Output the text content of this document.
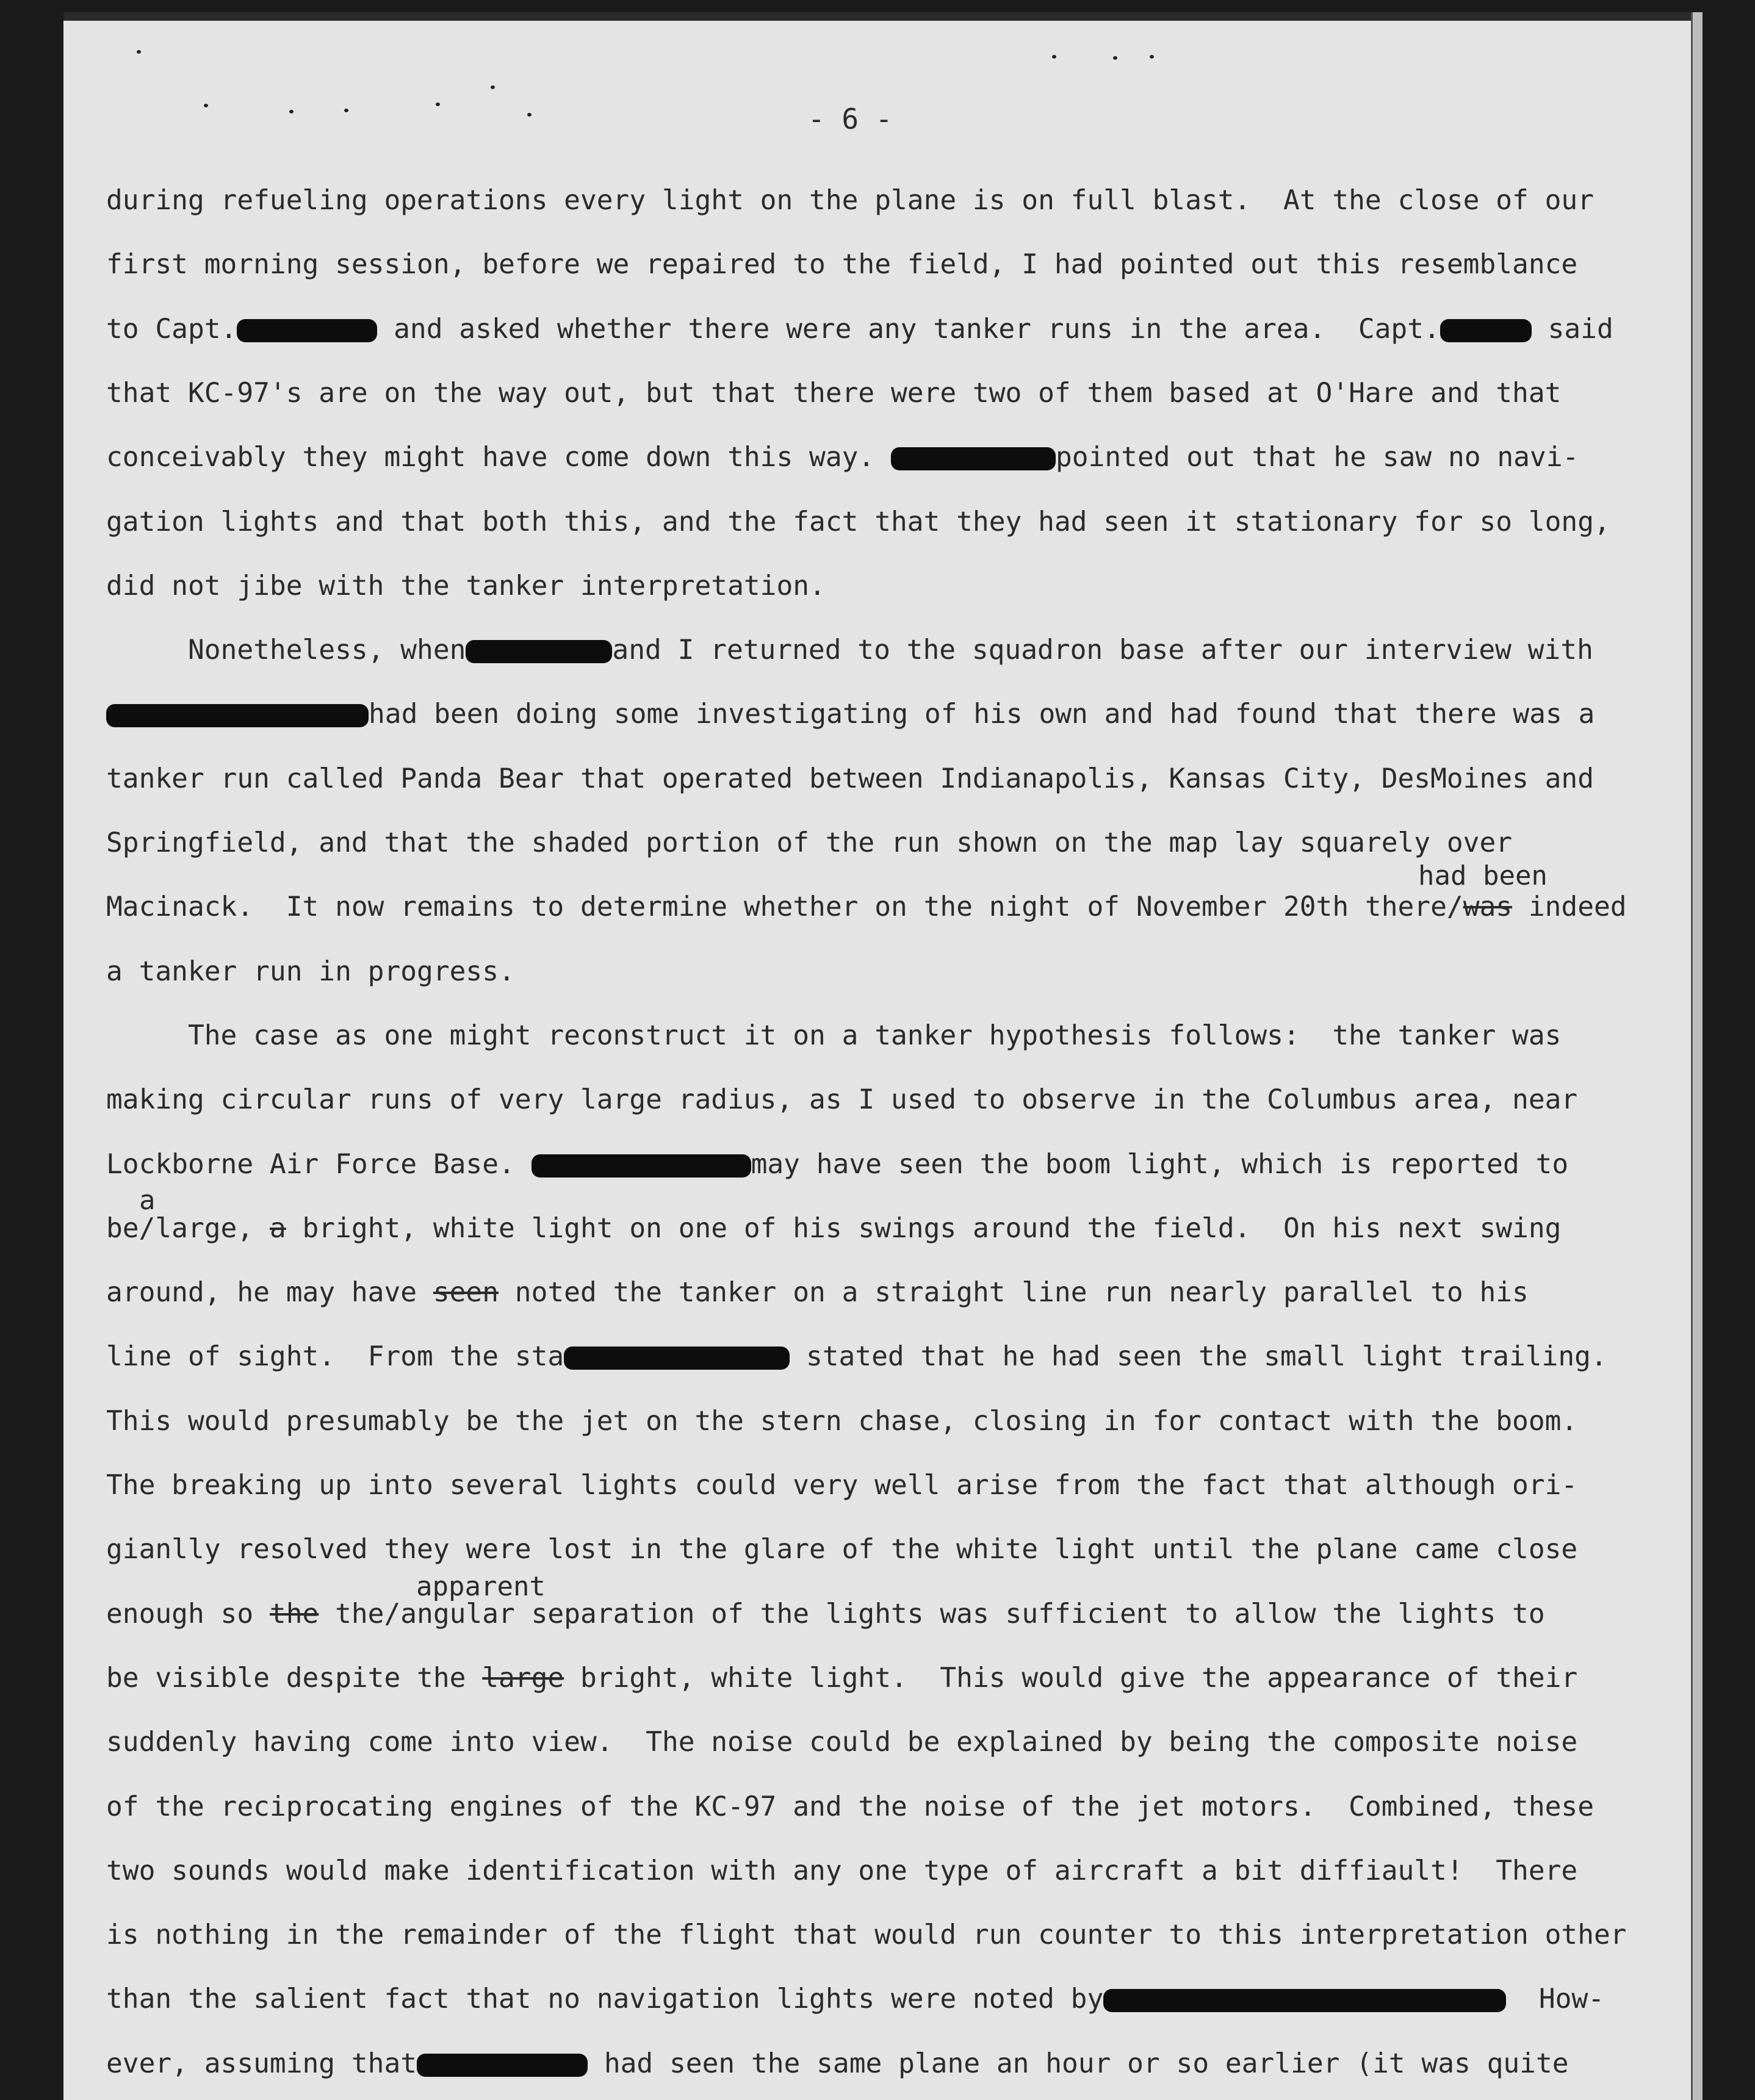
- 6 -
during refueling operations every light on the plane is on full blast.  At the close of our
first morning session, before we repaired to the field, I had pointed out this resemblance
to Capt.	and asked whether there were any tanker runs in the area.  Capt.	said
that KC-97's are on the way out, but that there were two of them based at O'Hare and that
conceivably they might have come down this way.	pointed out that he saw no navi-
gation lights and that both this, and the fact that they had seen it stationary for so long,
did not jibe with the tanker interpretation.
Nonetheless, when	and I returned to the squadron base after our interview with
had been doing some investigating of his own and had found that there was a
tanker run called Panda Bear that operated between Indianapolis, Kansas City, DesMoines and
Springfield, and that the shaded portion of the run shown on the map lay squarely over
Macinack.  It now remains to determine whether on the night of November 20th there/was indeed
a tanker run in progress.
The case as one might reconstruct it on a tanker hypothesis follows:  the tanker was
making circular runs of very large radius, as I used to observe in the Columbus area, near
Lockborne Air Force Base.	may have seen the boom light, which is reported to
be/large, a bright, white light on one of his swings around the field.  On his next swing
around, he may have seen noted the tanker on a straight line run nearly parallel to his
line of sight.  From the sta	stated that he had seen the small light trailing.
This would presumably be the jet on the stern chase, closing in for contact with the boom.
The breaking up into several lights could very well arise from the fact that although ori-
gianlly resolved they were lost in the glare of the white light until the plane came close
enough so the the/angular separation of the lights was sufficient to allow the lights to
be visible despite the large bright, white light.  This would give the appearance of their
suddenly having come into view.  The noise could be explained by being the composite noise
of the reciprocating engines of the KC-97 and the noise of the jet motors.  Combined, these
two sounds would make identification with any one type of aircraft a bit diffiault!  There
is nothing in the remainder of the flight that would run counter to this interpretation other
than the salient fact that no navigation lights were noted by	How-
ever, assuming that	had seen the same plane an hour or so earlier (it was quite
had been
a
apparent
